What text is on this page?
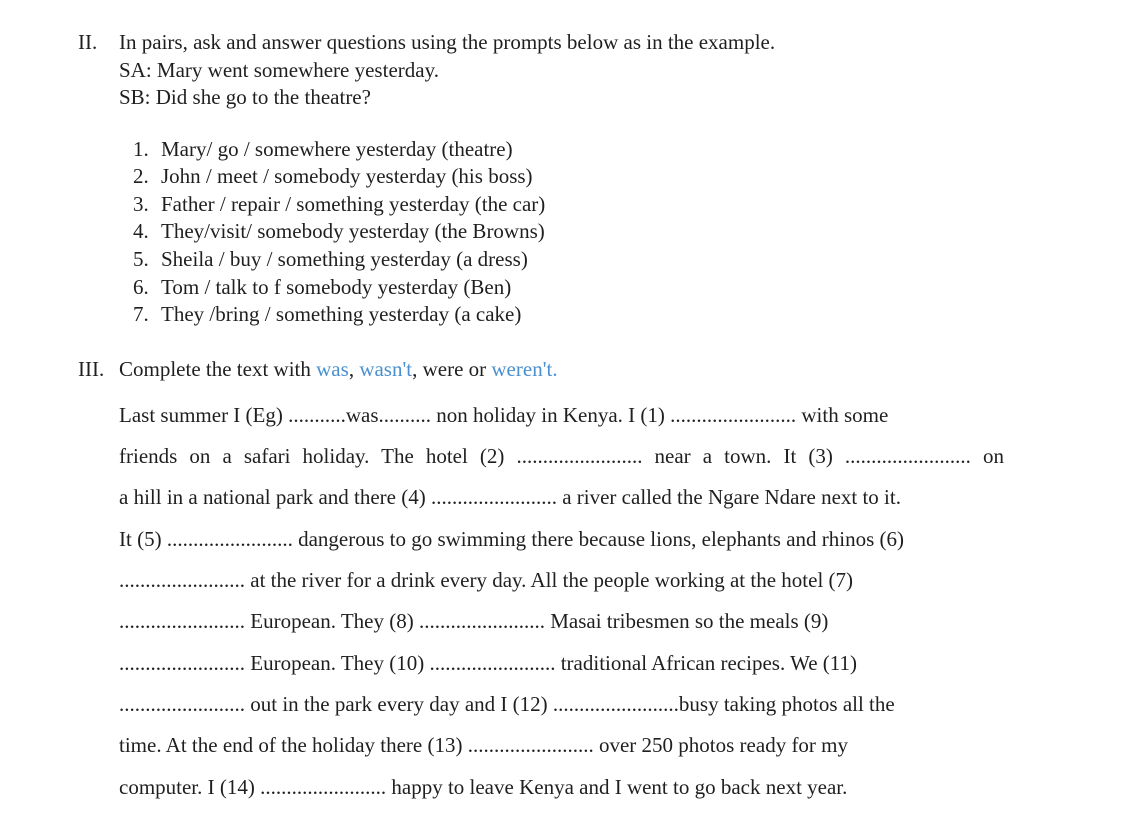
II. In pairs, ask and answer questions using the prompts below as in the example.
SA: Mary went somewhere yesterday.
SB: Did she go to the theatre?
1. Mary/ go / somewhere yesterday (theatre)
2. John / meet / somebody yesterday (his boss)
3. Father / repair / something yesterday (the car)
4. They/visit/ somebody yesterday (the Browns)
5. Sheila / buy / something yesterday (a dress)
6. Tom / talk to f somebody yesterday (Ben)
7. They /bring / something yesterday (a cake)
III. Complete the text with was, wasn't, were or weren't.
Last summer I (Eg) ...........was.......... non holiday in Kenya. I (1) ........................ with some
friends on a safari holiday. The hotel (2) ........................ near a town. It (3) ........................ on
a hill in a national park and there (4) ........................ a river called the Ngare Ndare next to it.
It (5) ........................ dangerous to go swimming there because lions, elephants and rhinos (6)
........................ at the river for a drink every day. All the people working at the hotel (7)
........................ European. They (8) ........................ Masai tribesmen so the meals (9)
........................ European. They (10) ........................ traditional African recipes. We (11)
........................ out in the park every day and I (12) ........................busy taking photos all the
time. At the end of the holiday there (13) ........................ over 250 photos ready for my
computer. I (14) ........................ happy to leave Kenya and I went to go back next year.
